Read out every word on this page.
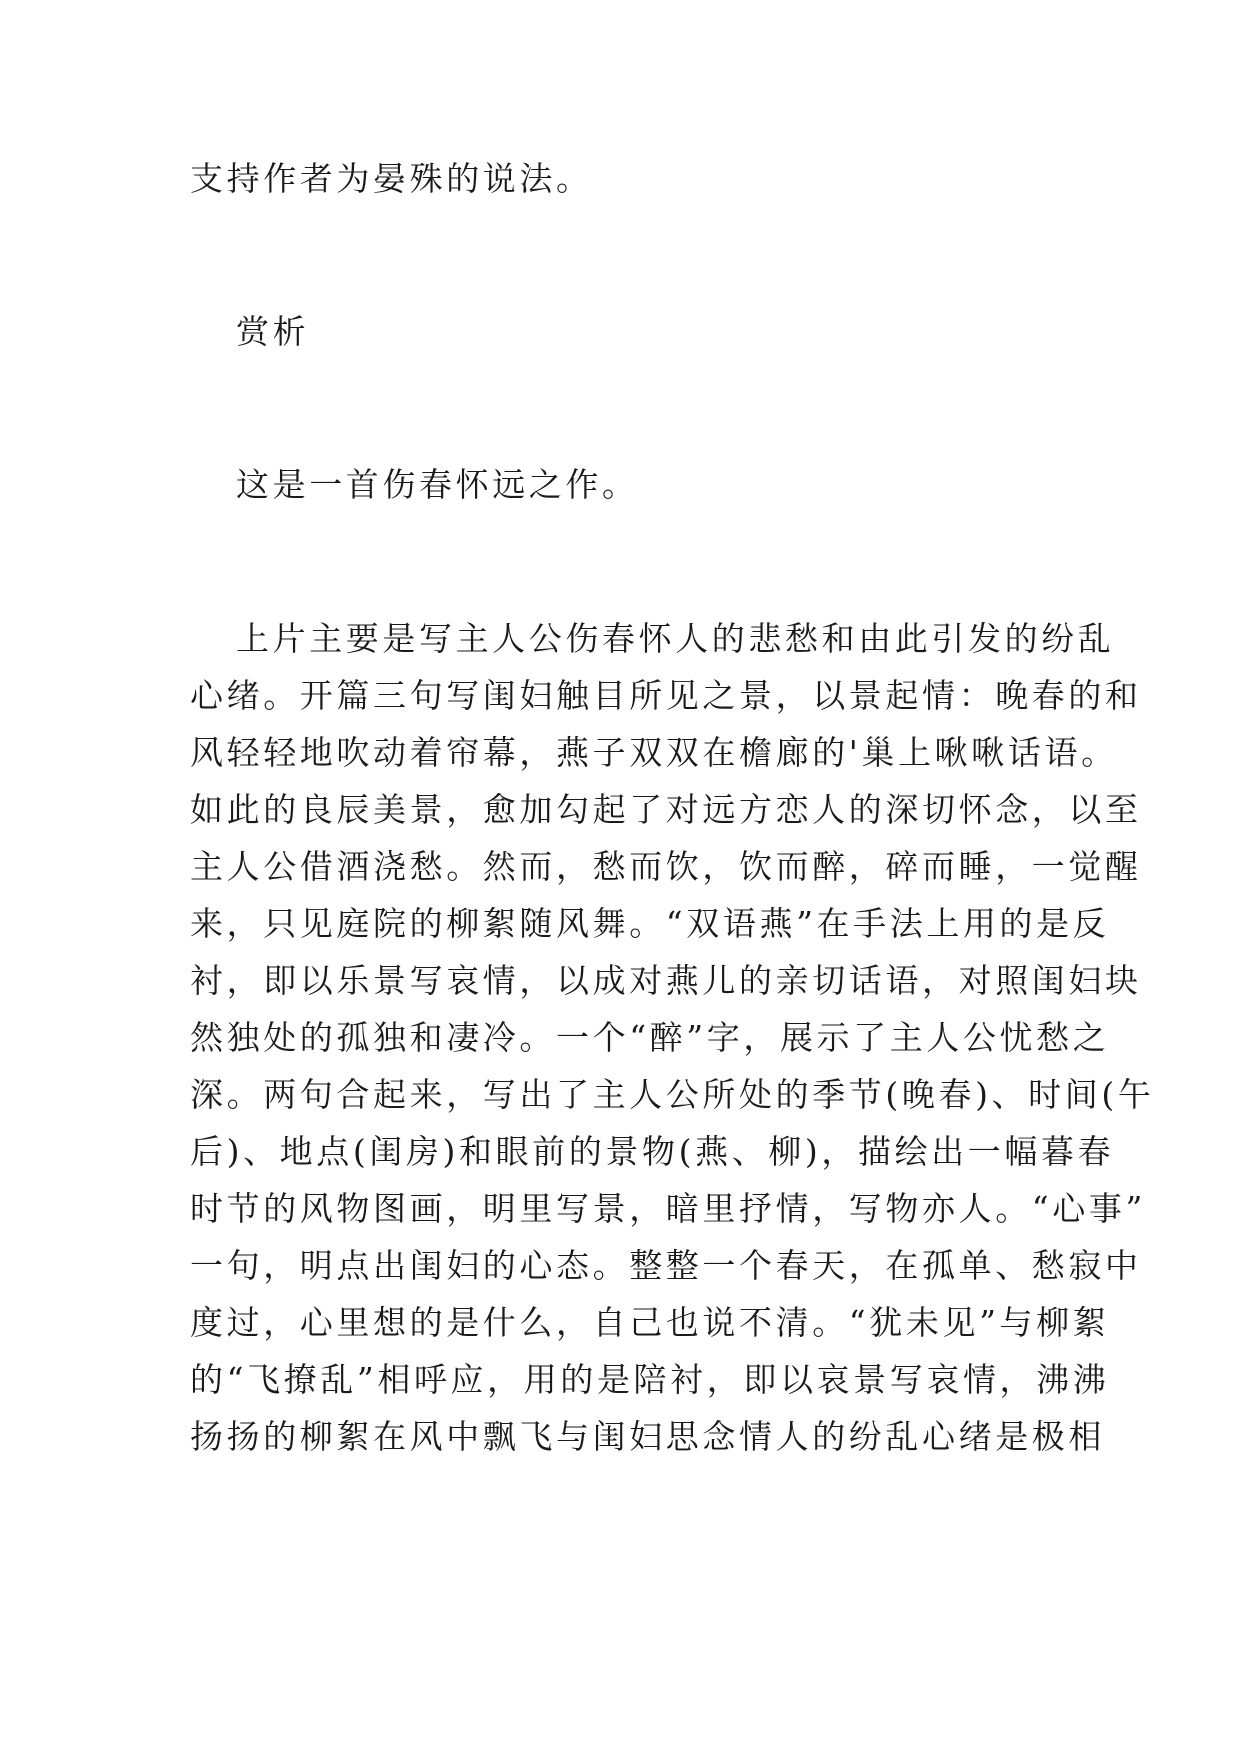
支持作者为晏殊的说法。

赏析

这是一首伤春怀远之作。

上片主要是写主人公伤春怀人的悲愁和由此引发的纷乱
心绪。开篇三句写闺妇触目所见之景，以景起情：晚春的和
风轻轻地吹动着帘幕，燕子双双在檐廊的'巢上啾啾话语。
如此的良辰美景，愈加勾起了对远方恋人的深切怀念，以至
主人公借酒浇愁。然而，愁而饮，饮而醉，碎而睡，一觉醒
来，只见庭院的柳絮随风舞。“双语燕”在手法上用的是反
衬，即以乐景写哀情，以成对燕儿的亲切话语，对照闺妇块
然独处的孤独和凄冷。一个“醉”字，展示了主人公忧愁之
深。两句合起来，写出了主人公所处的季节(晚春)、时间(午
后)、地点(闺房)和眼前的景物(燕、柳)，描绘出一幅暮春
时节的风物图画，明里写景，暗里抒情，写物亦人。“心事”
一句，明点出闺妇的心态。整整一个春天，在孤单、愁寂中
度过，心里想的是什么，自己也说不清。“犹未见”与柳絮
的“飞撩乱”相呼应，用的是陪衬，即以哀景写哀情，沸沸
扬扬的柳絮在风中飘飞与闺妇思念情人的纷乱心绪是极相
